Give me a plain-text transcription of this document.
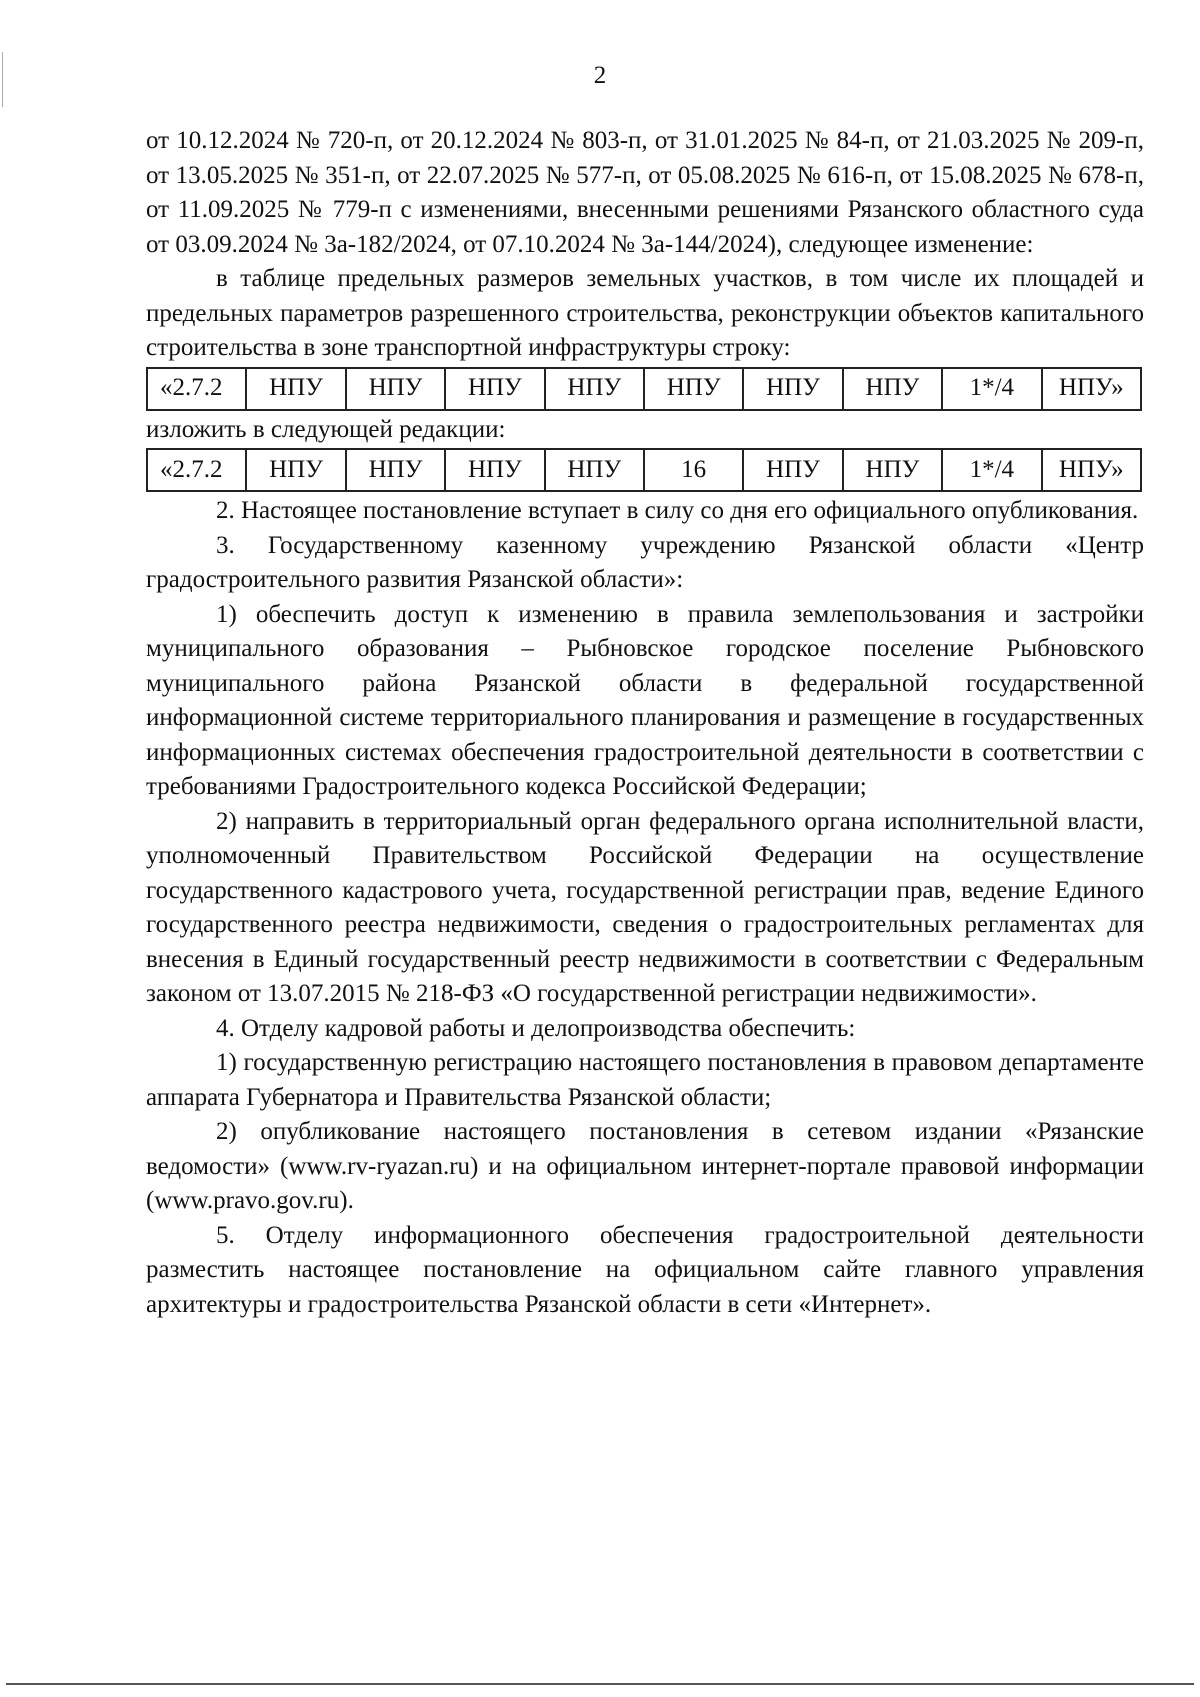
2

от 10.12.2024 № 720-п, от 20.12.2024 № 803-п, от 31.01.2025 № 84-п, от 21.03.2025 № 209-п, от 13.05.2025 № 351-п, от 22.07.2025 № 577-п, от 05.08.2025 № 616-п, от 15.08.2025 № 678-п, от 11.09.2025 № 779-п с изменениями, внесенными решениями Рязанского областного суда от 03.09.2024 № 3а-182/2024, от 07.10.2024 № 3а-144/2024), следующее изменение:

в таблице предельных размеров земельных участков, в том числе их площадей и предельных параметров разрешенного строительства, реконструкции объектов капитального строительства в зоне транспортной инфраструктуры строку:

«2.7.2	НПУ	НПУ	НПУ	НПУ	НПУ	НПУ	НПУ	1*/4	НПУ»

изложить в следующей редакции:

«2.7.2	НПУ	НПУ	НПУ	НПУ	16	НПУ	НПУ	1*/4	НПУ»

2. Настоящее постановление вступает в силу со дня его официального опубликования.

3. Государственному казенному учреждению Рязанской области «Центр градостроительного развития Рязанской области»:

1) обеспечить доступ к изменению в правила землепользования и застройки муниципального образования – Рыбновское городское поселение Рыбновского муниципального района Рязанской области в федеральной государственной информационной системе территориального планирования и размещение в государственных информационных системах обеспечения градостроительной деятельности в соответствии с требованиями Градостроительного кодекса Российской Федерации;

2) направить в территориальный орган федерального органа исполнительной власти, уполномоченный Правительством Российской Федерации на осуществление государственного кадастрового учета, государственной регистрации прав, ведение Единого государственного реестра недвижимости, сведения о градостроительных регламентах для внесения в Единый государственный реестр недвижимости в соответствии с Федеральным законом от 13.07.2015 № 218-ФЗ «О государственной регистрации недвижимости».

4. Отделу кадровой работы и делопроизводства обеспечить:

1) государственную регистрацию настоящего постановления в правовом департаменте аппарата Губернатора и Правительства Рязанской области;

2) опубликование настоящего постановления в сетевом издании «Рязанские ведомости» (www.rv-ryazan.ru) и на официальном интернет-портале правовой информации (www.pravo.gov.ru).

5. Отделу информационного обеспечения градостроительной деятельности разместить настоящее постановление на официальном сайте главного управления архитектуры и градостроительства Рязанской области в сети «Интернет».
